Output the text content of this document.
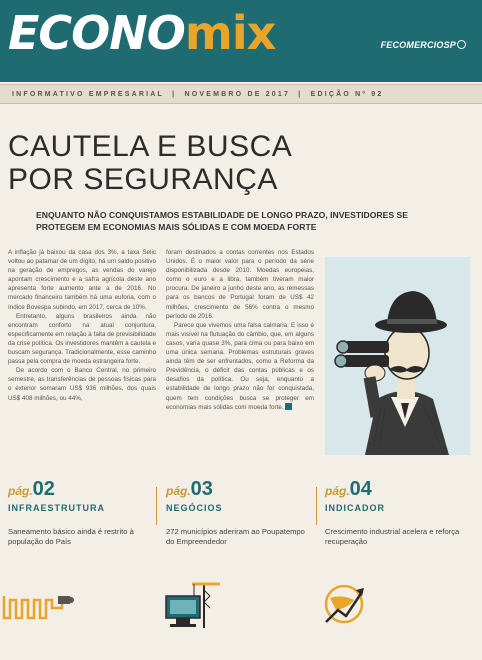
ECONOmix	FECOMERCIOSP
INFORMATIVO EMPRESARIAL | NOVEMBRO DE 2017 | EDIÇÃO Nº 92
CAUTELA E BUSCA
POR SEGURANÇA
ENQUANTO NÃO CONQUISTAMOS ESTABILIDADE DE LONGO PRAZO, INVESTIDORES SE PROTEGEM EM ECONOMIAS MAIS SÓLIDAS E COM MOEDA FORTE

A inflação já baixou da casa dos 3%, a taxa Selic voltou ao patamar de um dígito, há um saldo positivo na geração de empregos, as vendas do varejo apontam crescimento e a safra agrícola deste ano apresenta forte aumento ante a de 2016. No mercado financeiro também há uma euforia, com o índice Bovespa subindo, em 2017, cerca de 10%.

Entretanto, alguns brasileiros ainda não encontram conforto na atual conjuntura, especificamente em relação à falta de previsibilidade da crise política. Os investidores mantêm a cautela e buscam segurança. Tradicionalmente, esse caminho passa pela compra de moeda estrangeira forte.

De acordo com o Banco Central, no primeiro semestre, as transferências de pessoas físicas para o exterior somaram US$ 936 milhões, dos quais US$ 408 milhões, ou 44%,

foram destinados a contas correntes nos Estados Unidos. É o maior valor para o período da série disponibilizada desde 2010. Moedas europeias, como o euro e a libra, também tiveram maior procura. De janeiro a junho deste ano, as remessas para os bancos de Portugal foram de US$ 42 milhões, crescimento de 56% contra o mesmo período de 2016.

Parece que vivemos uma falsa calmaria. E isso é mais visível na flutuação do câmbio, que, em alguns casos, varia quase 3%, para cima ou para baixo em uma única semana. Problemas estruturais graves ainda têm de ser enfrentados, como a Reforma da Previdência, o déficit das contas públicas e os desafios da política. Ou seja, enquanto a estabilidade de longo prazo não for conquistada, quem tem condições busca se proteger em economias mais sólidas com moeda forte.

pág.02
INFRAESTRUTURA
Saneamento básico ainda é restrito à população do País
pág.03
NEGÓCIOS
272 municípios aderiram ao Poupatempo do Empreendedor
pág.04
INDICADOR
Crescimento industrial acelera e reforça recuperação
